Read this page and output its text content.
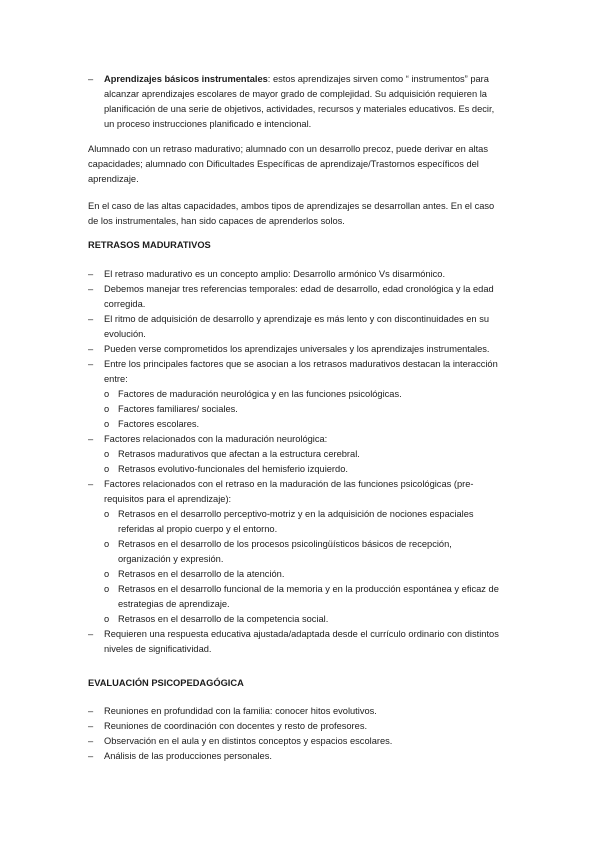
– Aprendizajes básicos instrumentales: estos aprendizajes sirven como “ instrumentos” para alcanzar aprendizajes escolares de mayor grado de complejidad. Su adquisición requieren la planificación de una serie de objetivos, actividades, recursos y materiales educativos. Es decir, un proceso instrucciones planificado e intencional.

Alumnado con un retraso madurativo; alumnado con un desarrollo precoz, puede derivar en altas capacidades; alumnado con Dificultades Específicas de aprendizaje/Trastornos específicos del aprendizaje.

En el caso de las altas capacidades, ambos tipos de aprendizajes se desarrollan antes. En el caso de los instrumentales, han sido capaces de aprenderlos solos.

RETRASOS MADURATIVOS

– El retraso madurativo es un concepto amplio: Desarrollo armónico Vs disarmónico.

– Debemos manejar tres referencias temporales: edad de desarrollo, edad cronológica y la edad corregida.

– El ritmo de adquisición de desarrollo y aprendizaje es más lento y con discontinuidades en su evolución.

– Pueden verse comprometidos los aprendizajes universales y los aprendizajes instrumentales.

– Entre los principales factores que se asocian a los retrasos madurativos destacan la interacción entre:

o Factores de maduración neurológica y en las funciones psicológicas.

o Factores familiares/ sociales.

o Factores escolares.

– Factores relacionados con la maduración neurológica:

o Retrasos madurativos que afectan a la estructura cerebral.

o Retrasos evolutivo-funcionales del hemisferio izquierdo.

– Factores relacionados con el retraso en la maduración de las funciones psicológicas (pre-requisitos para el aprendizaje):

o Retrasos en el desarrollo perceptivo-motriz y en la adquisición de nociones espaciales referidas al propio cuerpo y el entorno.

o Retrasos en el desarrollo de los procesos psicolingüísticos básicos de recepción, organización y expresión.

o Retrasos en el desarrollo de la atención.

o Retrasos en el desarrollo funcional de la memoria y en la producción espontánea y eficaz de estrategias de aprendizaje.

o Retrasos en el desarrollo de la competencia social.

– Requieren una respuesta educativa ajustada/adaptada desde el currículo ordinario con distintos niveles de significatividad.

EVALUACIÓN PSICOPEDAGÓGICA

– Reuniones en profundidad con la familia: conocer hitos evolutivos.

– Reuniones de coordinación con docentes y resto de profesores.

– Observación en el aula y en distintos conceptos y espacios escolares.

– Análisis de las producciones personales.
